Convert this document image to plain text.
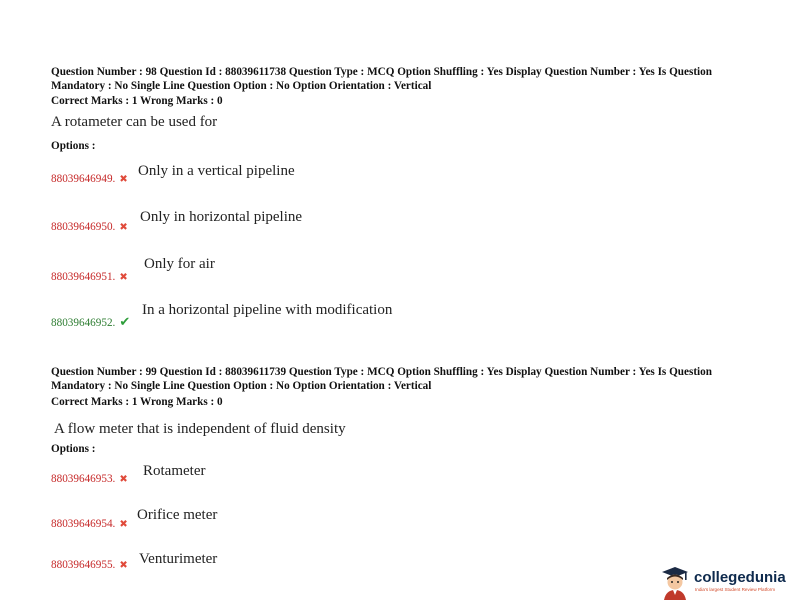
Question Number : 98 Question Id : 88039611738 Question Type : MCQ Option Shuffling : Yes Display Question Number : Yes Is Question Mandatory : No Single Line Question Option : No Option Orientation : Vertical
Correct Marks : 1 Wrong Marks : 0
A rotameter can be used for
Options :
88039646949. ✖
Only in a vertical pipeline
88039646950. ✖
Only in horizontal pipeline
88039646951. ✖
Only for air
88039646952. ✔
In a horizontal pipeline with modification
Question Number : 99 Question Id : 88039611739 Question Type : MCQ Option Shuffling : Yes Display Question Number : Yes Is Question Mandatory : No Single Line Question Option : No Option Orientation : Vertical
Correct Marks : 1 Wrong Marks : 0
A flow meter that is independent of fluid density
Options :
88039646953. ✖
Rotameter
88039646954. ✖
Orifice meter
88039646955. ✖ Venturimeter
collegedunia
India's largest Student Review Platform
